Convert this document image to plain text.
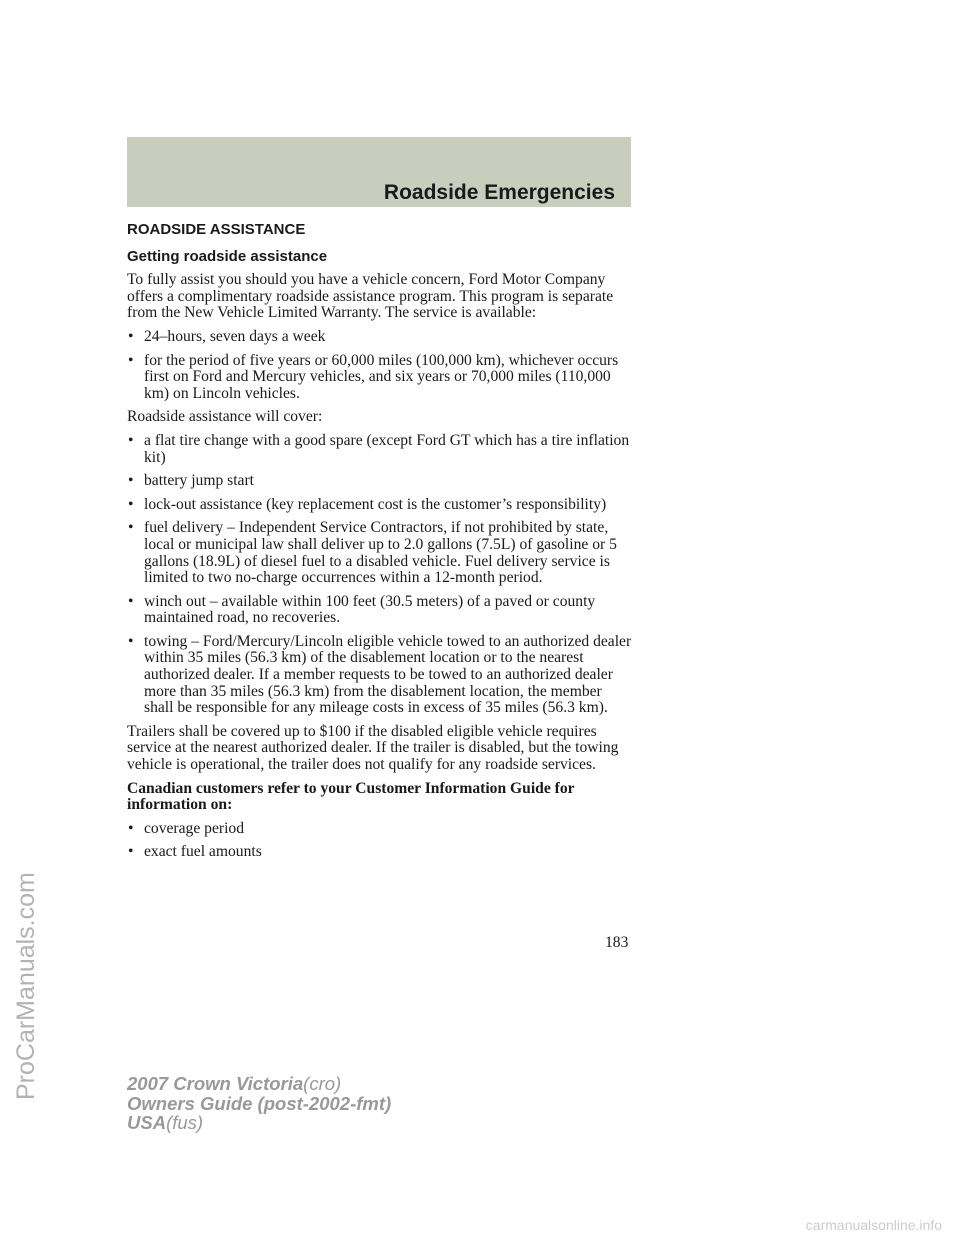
Roadside Emergencies
ROADSIDE ASSISTANCE
Getting roadside assistance

To fully assist you should you have a vehicle concern, Ford Motor Company offers a complimentary roadside assistance program. This program is separate from the New Vehicle Limited Warranty. The service is available:

• 24–hours, seven days a week
• for the period of five years or 60,000 miles (100,000 km), whichever occurs first on Ford and Mercury vehicles, and six years or 70,000 miles (110,000 km) on Lincoln vehicles.

Roadside assistance will cover:

• a flat tire change with a good spare (except Ford GT which has a tire inflation kit)
• battery jump start
• lock-out assistance (key replacement cost is the customer’s responsibility)
• fuel delivery – Independent Service Contractors, if not prohibited by state, local or municipal law shall deliver up to 2.0 gallons (7.5L) of gasoline or 5 gallons (18.9L) of diesel fuel to a disabled vehicle. Fuel delivery service is limited to two no-charge occurrences within a 12-month period.
• winch out – available within 100 feet (30.5 meters) of a paved or county maintained road, no recoveries.
• towing – Ford/Mercury/Lincoln eligible vehicle towed to an authorized dealer within 35 miles (56.3 km) of the disablement location or to the nearest authorized dealer. If a member requests to be towed to an authorized dealer more than 35 miles (56.3 km) from the disablement location, the member shall be responsible for any mileage costs in excess of 35 miles (56.3 km).

Trailers shall be covered up to $100 if the disabled eligible vehicle requires service at the nearest authorized dealer. If the trailer is disabled, but the towing vehicle is operational, the trailer does not qualify for any roadside services.

Canadian customers refer to your Customer Information Guide for information on:

• coverage period
• exact fuel amounts
183
2007 Crown Victoria(cro)
Owners Guide (post-2002-fmt)
USA(fus)
ProCarManuals.com
carmanualsonline.info
